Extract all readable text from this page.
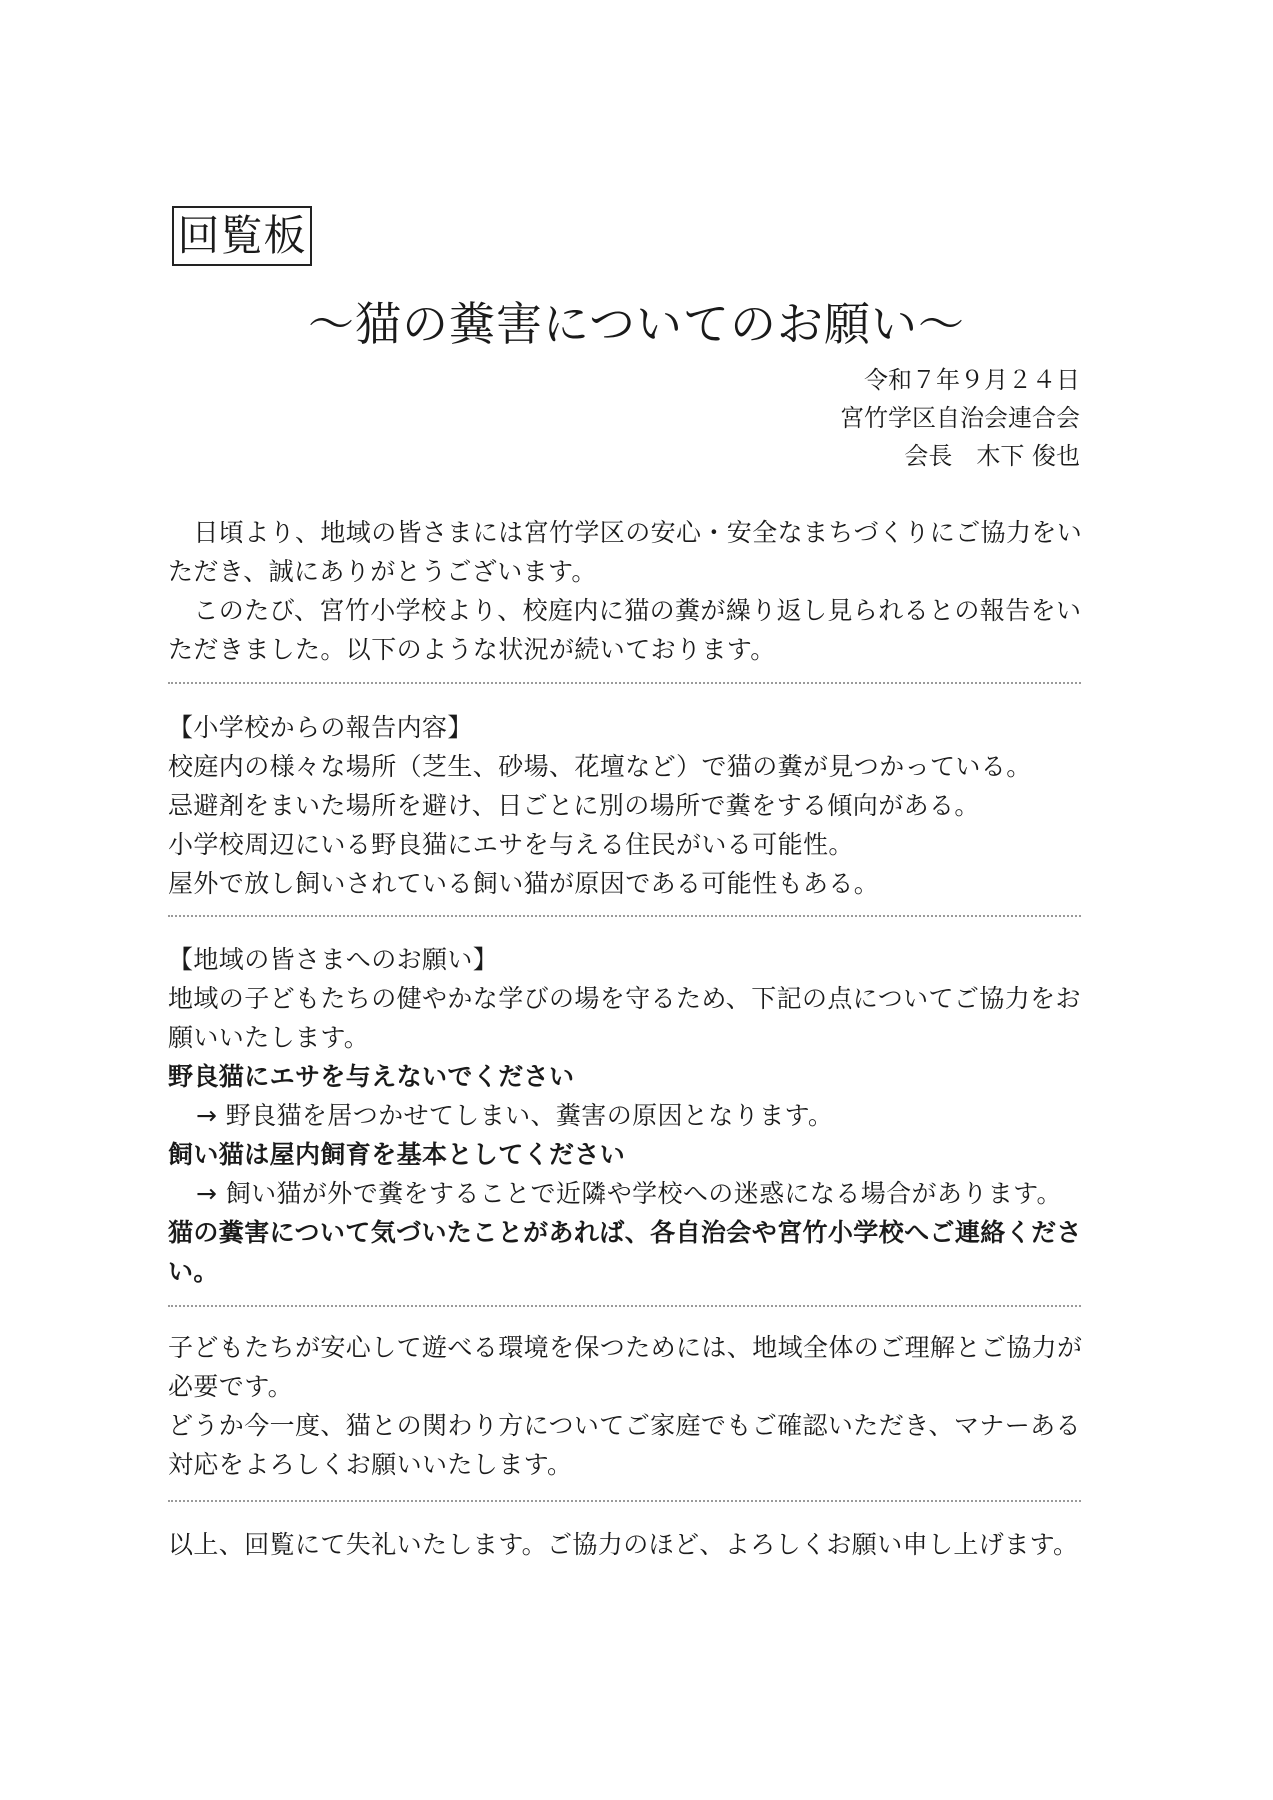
回覧板
～猫の糞害についてのお願い～
令和７年９月２４日
宮竹学区自治会連合会
会長　木下 俊也
　日頃より、地域の皆さまには宮竹学区の安心・安全なまちづくりにご協力をいただき、誠にありがとうございます。
　このたび、宮竹小学校より、校庭内に猫の糞が繰り返し見られるとの報告をいただきました。以下のような状況が続いております。
【小学校からの報告内容】
校庭内の様々な場所（芝生、砂場、花壇など）で猫の糞が見つかっている。
忌避剤をまいた場所を避け、日ごとに別の場所で糞をする傾向がある。
小学校周辺にいる野良猫にエサを与える住民がいる可能性。
屋外で放し飼いされている飼い猫が原因である可能性もある。
【地域の皆さまへのお願い】
地域の子どもたちの健やかな学びの場を守るため、下記の点についてご協力をお願いいたします。
野良猫にエサを与えないでください
→ 野良猫を居つかせてしまい、糞害の原因となります。
飼い猫は屋内飼育を基本としてください
→ 飼い猫が外で糞をすることで近隣や学校への迷惑になる場合があります。
猫の糞害について気づいたことがあれば、各自治会や宮竹小学校へご連絡ください。
子どもたちが安心して遊べる環境を保つためには、地域全体のご理解とご協力が必要です。
どうか今一度、猫との関わり方についてご家庭でもご確認いただき、マナーある対応をよろしくお願いいたします。
以上、回覧にて失礼いたします。ご協力のほど、よろしくお願い申し上げます。
